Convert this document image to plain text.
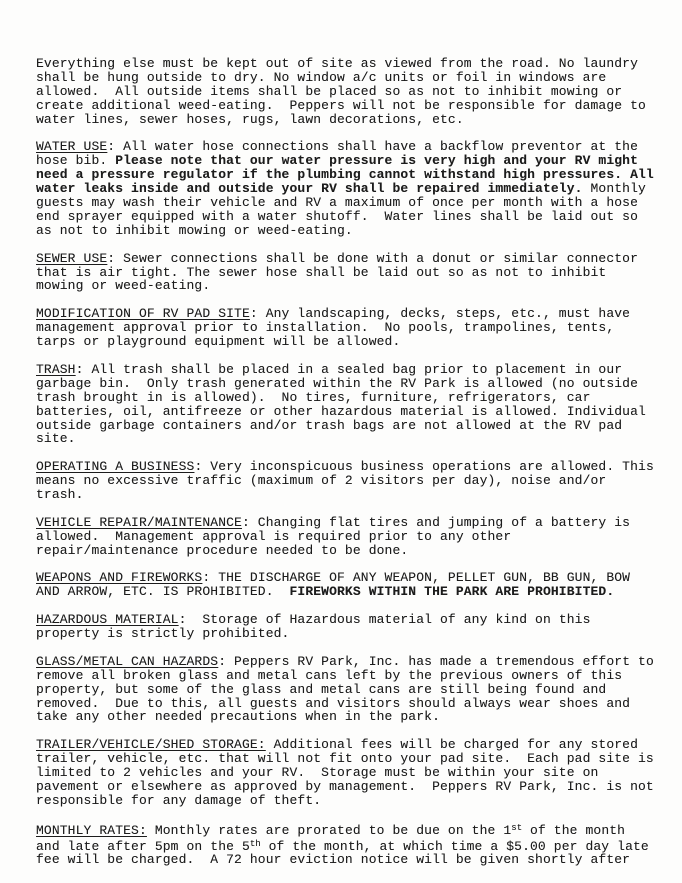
Everything else must be kept out of site as viewed from the road. No laundry shall be hung outside to dry. No window a/c units or foil in windows are allowed.  All outside items shall be placed so as not to inhibit mowing or create additional weed-eating.  Peppers will not be responsible for damage to water lines, sewer hoses, rugs, lawn decorations, etc.

WATER USE: All water hose connections shall have a backflow preventor at the hose bib. Please note that our water pressure is very high and your RV might need a pressure regulator if the plumbing cannot withstand high pressures. All water leaks inside and outside your RV shall be repaired immediately. Monthly guests may wash their vehicle and RV a maximum of once per month with a hose end sprayer equipped with a water shutoff.  Water lines shall be laid out so as not to inhibit mowing or weed-eating.

SEWER USE: Sewer connections shall be done with a donut or similar connector that is air tight. The sewer hose shall be laid out so as not to inhibit mowing or weed-eating.

MODIFICATION OF RV PAD SITE: Any landscaping, decks, steps, etc., must have management approval prior to installation.  No pools, trampolines, tents, tarps or playground equipment will be allowed.

TRASH: All trash shall be placed in a sealed bag prior to placement in our garbage bin.  Only trash generated within the RV Park is allowed (no outside trash brought in is allowed).  No tires, furniture, refrigerators, car batteries, oil, antifreeze or other hazardous material is allowed. Individual outside garbage containers and/or trash bags are not allowed at the RV pad site.

OPERATING A BUSINESS: Very inconspicuous business operations are allowed. This means no excessive traffic (maximum of 2 visitors per day), noise and/or trash.

VEHICLE REPAIR/MAINTENANCE: Changing flat tires and jumping of a battery is allowed.  Management approval is required prior to any other repair/maintenance procedure needed to be done.

WEAPONS AND FIREWORKS: THE DISCHARGE OF ANY WEAPON, PELLET GUN, BB GUN, BOW AND ARROW, ETC. IS PROHIBITED.  FIREWORKS WITHIN THE PARK ARE PROHIBITED.

HAZARDOUS MATERIAL:  Storage of Hazardous material of any kind on this property is strictly prohibited.

GLASS/METAL CAN HAZARDS: Peppers RV Park, Inc. has made a tremendous effort to remove all broken glass and metal cans left by the previous owners of this property, but some of the glass and metal cans are still being found and removed.  Due to this, all guests and visitors should always wear shoes and take any other needed precautions when in the park.

TRAILER/VEHICLE/SHED STORAGE: Additional fees will be charged for any stored trailer, vehicle, etc. that will not fit onto your pad site.  Each pad site is limited to 2 vehicles and your RV.  Storage must be within your site on pavement or elsewhere as approved by management.  Peppers RV Park, Inc. is not responsible for any damage of theft.

MONTHLY RATES: Monthly rates are prorated to be due on the 1st of the month and late after 5pm on the 5th of the month, at which time a $5.00 per day late fee will be charged.  A 72 hour eviction notice will be given shortly after
